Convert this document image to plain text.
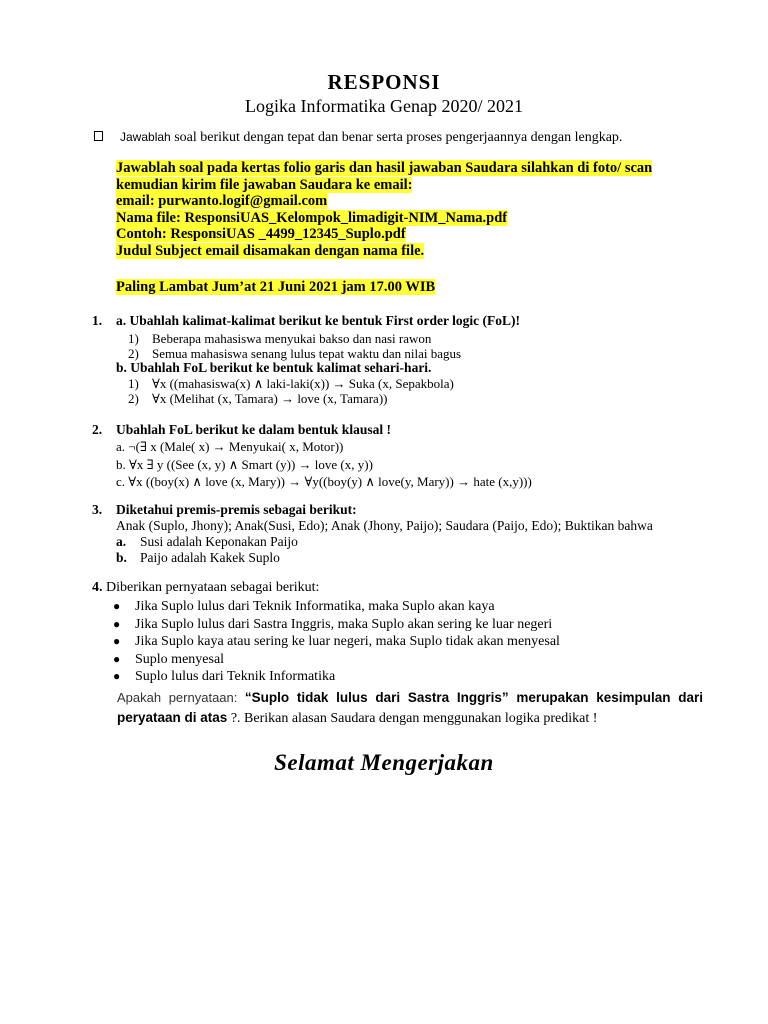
RESPONSI
Logika Informatika Genap 2020/ 2021
Jawablah soal berikut dengan tepat dan benar serta proses pengerjaannya dengan lengkap.
Jawablah soal pada kertas folio garis dan hasil jawaban Saudara silahkan di foto/ scan
kemudian kirim file jawaban Saudara ke email:
email: purwanto.logif@gmail.com
Nama file: ResponsiUAS_Kelompok_limadigit-NIM_Nama.pdf
Contoh: ResponsiUAS _4499_12345_Suplo.pdf
Judul Subject email disamakan dengan nama file.
Paling Lambat Jum’at 21 Juni 2021 jam 17.00 WIB
1. a. Ubahlah kalimat-kalimat berikut ke bentuk First order logic (FoL)!
1) Beberapa mahasiswa menyukai bakso dan nasi rawon
2) Semua mahasiswa senang lulus tepat waktu dan nilai bagus
b. Ubahlah FoL berikut ke bentuk kalimat sehari-hari.
1) ∀x ((mahasiswa(x) ∧ laki-laki(x)) → Suka (x, Sepakbola)
2) ∀x (Melihat (x, Tamara) → love (x, Tamara))
2. Ubahlah FoL berikut ke dalam bentuk klausal !
a. ¬(∃ x (Male( x) → Menyukai( x, Motor))
b. ∀x ∃ y ((See (x, y) ∧ Smart (y)) → love (x, y))
c. ∀x ((boy(x) ∧ love (x, Mary)) → ∀y((boy(y) ∧ love(y, Mary)) → hate (x,y)))
3. Diketahui premis-premis sebagai berikut:
Anak (Suplo, Jhony); Anak(Susi, Edo); Anak (Jhony, Paijo); Saudara (Paijo, Edo); Buktikan bahwa
a. Susi adalah Keponakan Paijo
b. Paijo adalah Kakek Suplo
4. Diberikan pernyataan sebagai berikut:
● Jika Suplo lulus dari Teknik Informatika, maka Suplo akan kaya
● Jika Suplo lulus dari Sastra Inggris, maka Suplo akan sering ke luar negeri
● Jika Suplo kaya atau sering ke luar negeri, maka Suplo tidak akan menyesal
● Suplo menyesal
● Suplo lulus dari Teknik Informatika
Apakah pernyataan: “Suplo tidak lulus dari Sastra Inggris” merupakan kesimpulan dari peryataan di atas ?. Berikan alasan Saudara dengan menggunakan logika predikat !
Selamat Mengerjakan
